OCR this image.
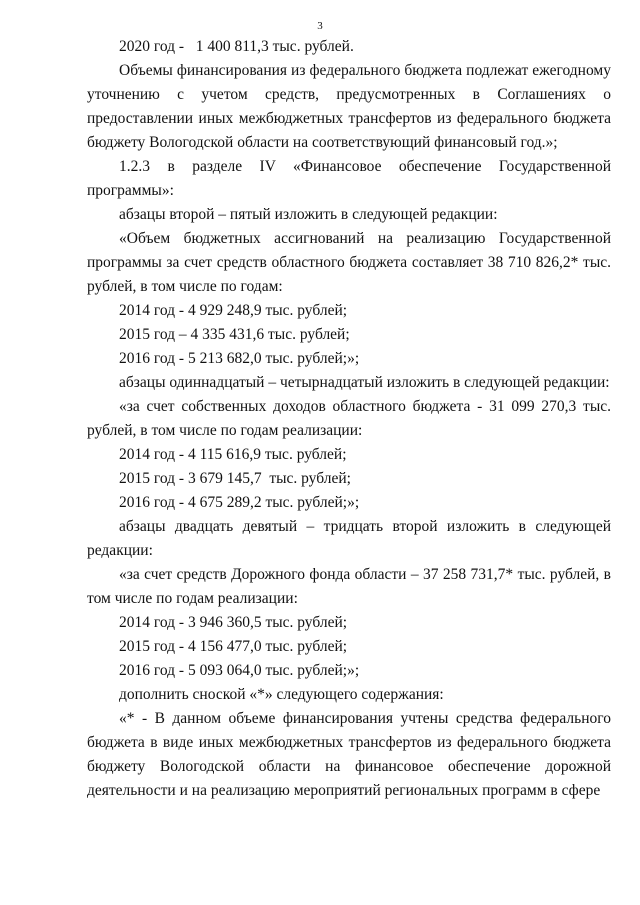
3

2020 год -   1 400 811,3 тыс. рублей.

Объемы финансирования из федерального бюджета подлежат ежегодному уточнению с учетом средств, предусмотренных в Соглашениях о предоставлении иных межбюджетных трансфертов из федерального бюджета бюджету Вологодской области на соответствующий финансовый год.»;

1.2.3 в разделе IV «Финансовое обеспечение Государственной программы»:

абзацы второй – пятый изложить в следующей редакции:

«Объем бюджетных ассигнований на реализацию Государственной программы за счет средств областного бюджета составляет 38 710 826,2* тыс. рублей, в том числе по годам:

2014 год - 4 929 248,9 тыс. рублей;

2015 год – 4 335 431,6 тыс. рублей;

2016 год - 5 213 682,0 тыс. рублей;»;

абзацы одиннадцатый – четырнадцатый изложить в следующей редакции:

«за счет собственных доходов областного бюджета - 31 099 270,3 тыс. рублей, в том числе по годам реализации:

2014 год - 4 115 616,9 тыс. рублей;

2015 год - 3 679 145,7  тыс. рублей;

2016 год - 4 675 289,2 тыс. рублей;»;

абзацы двадцать девятый – тридцать второй изложить в следующей редакции:

«за счет средств Дорожного фонда области – 37 258 731,7* тыс. рублей, в том числе по годам реализации:

2014 год - 3 946 360,5 тыс. рублей;

2015 год - 4 156 477,0 тыс. рублей;

2016 год - 5 093 064,0 тыс. рублей;»;

дополнить сноской «*» следующего содержания:

«* - В данном объеме финансирования учтены средства федерального бюджета в виде иных межбюджетных трансфертов из федерального бюджета бюджету Вологодской области на финансовое обеспечение дорожной деятельности и на реализацию мероприятий региональных программ в сфере
